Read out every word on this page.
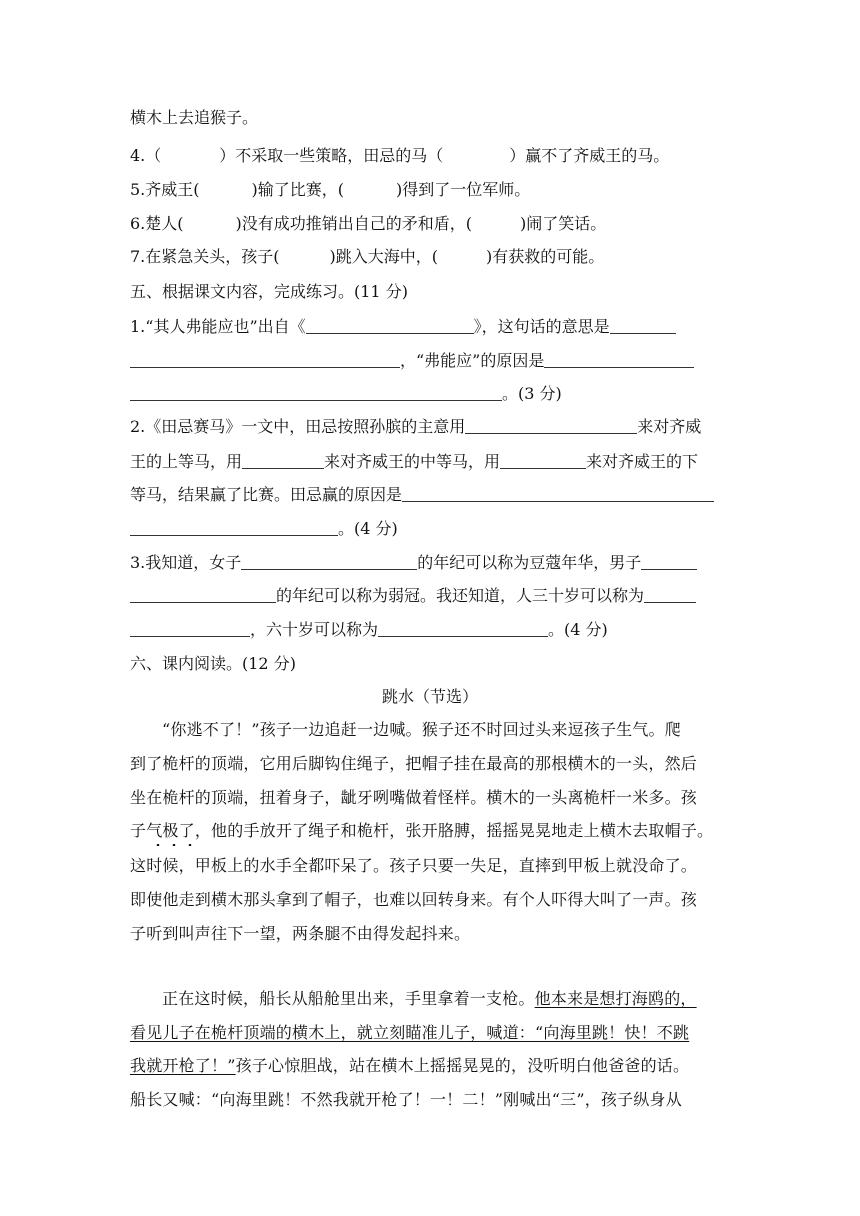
横木上去追猴子。
4.（	）不采取一些策略，田忌的马（	）赢不了齐威王的马。
5.齐威王(	)输了比赛，(	)得到了一位军师。
6.楚人(	)没有成功推销出自己的矛和盾，(	)闹了笑话。
7.在紧急关头，孩子(	)跳入大海中，(	)有获救的可能。
五、根据课文内容，完成练习。(11 分)
1.“其人弗能应也”出自《	》，这句话的意思是
，“弗能应”的原因是
。(3 分)
2.《田忌赛马》一文中，田忌按照孙膑的主意用	来对齐威
王的上等马，用	来对齐威王的中等马，用	来对齐威王的下
等马，结果赢了比赛。田忌赢的原因是
。(4 分)
3.我知道，女子	的年纪可以称为豆蔻年华，男子
的年纪可以称为弱冠。我还知道，人三十岁可以称为
，六十岁可以称为	。(4 分)
六、课内阅读。(12 分)
跳水（节选）
“你逃不了！”孩子一边追赶一边喊。猴子还不时回过头来逗孩子生气。爬
到了桅杆的顶端，它用后脚钩住绳子，把帽子挂在最高的那根横木的一头，然后
坐在桅杆的顶端，扭着身子，龇牙咧嘴做着怪样。横木的一头离桅杆一米多。孩
子气极了，他的手放开了绳子和桅杆，张开胳膊，摇摇晃晃地走上横木去取帽子。
这时候，甲板上的水手全都吓呆了。孩子只要一失足，直摔到甲板上就没命了。
即使他走到横木那头拿到了帽子，也难以回转身来。有个人吓得大叫了一声。孩
子听到叫声往下一望，两条腿不由得发起抖来。
正在这时候，船长从船舱里出来，手里拿着一支枪。他本来是想打海鸥的，
看见儿子在桅杆顶端的横木上，就立刻瞄准儿子，喊道：“向海里跳！快！不跳
我就开枪了！”孩子心惊胆战，站在横木上摇摇晃晃的，没听明白他爸爸的话。
船长又喊：“向海里跳！不然我就开枪了！一！二！”刚喊出“三”，孩子纵身从
